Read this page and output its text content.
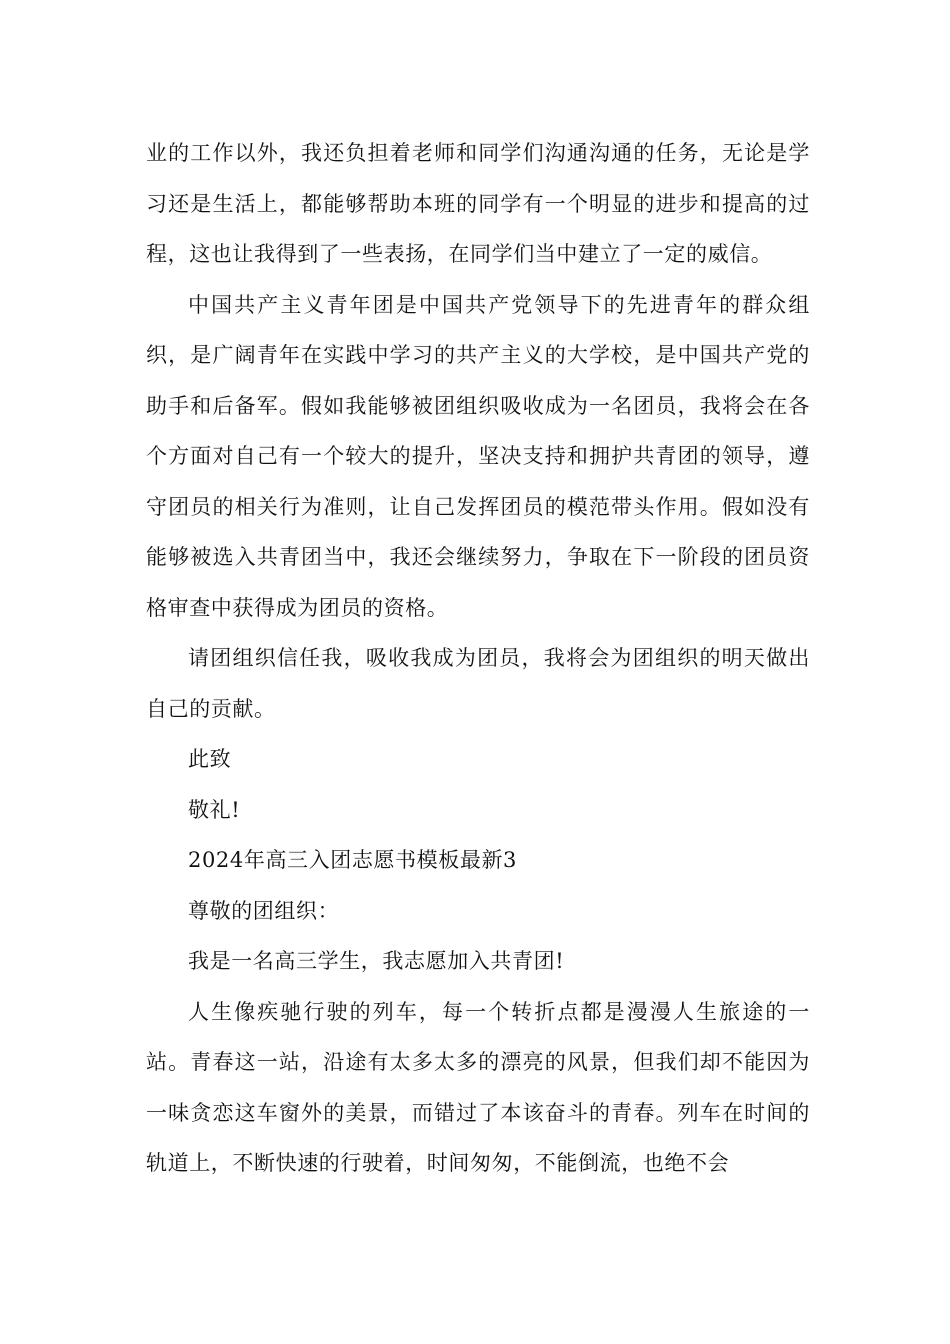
业的工作以外，我还负担着老师和同学们沟通沟通的任务，无论是学习还是生活上，都能够帮助本班的同学有一个明显的进步和提高的过程，这也让我得到了一些表扬，在同学们当中建立了一定的威信。

中国共产主义青年团是中国共产党领导下的先进青年的群众组织，是广阔青年在实践中学习的共产主义的大学校，是中国共产党的助手和后备军。假如我能够被团组织吸收成为一名团员，我将会在各个方面对自己有一个较大的提升，坚决支持和拥护共青团的领导，遵守团员的相关行为准则，让自己发挥团员的模范带头作用。假如没有能够被选入共青团当中，我还会继续努力，争取在下一阶段的团员资格审查中获得成为团员的资格。

请团组织信任我，吸收我成为团员，我将会为团组织的明天做出自己的贡献。

此致

敬礼!

2024年高三入团志愿书模板最新3

尊敬的团组织：

我是一名高三学生，我志愿加入共青团!

人生像疾驰行驶的列车，每一个转折点都是漫漫人生旅途的一站。青春这一站，沿途有太多太多的漂亮的风景，但我们却不能因为一味贪恋这车窗外的美景，而错过了本该奋斗的青春。列车在时间的轨道上，不断快速的行驶着，时间匆匆，不能倒流，也绝不会
